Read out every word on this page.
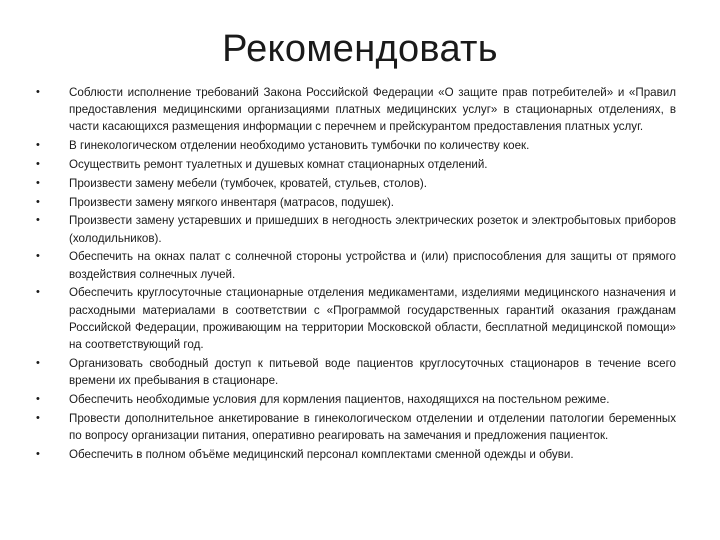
Рекомендовать
•	Соблюсти исполнение требований Закона Российской Федерации «О защите прав потребителей» и «Правил предоставления медицинскими организациями платных медицинских услуг» в стационарных отделениях, в части касающихся размещения информации с перечнем и прейскурантом предоставления платных услуг.
•	В гинекологическом отделении необходимо установить тумбочки по количеству коек.
•	Осуществить ремонт туалетных и душевых комнат стационарных отделений.
•	Произвести замену мебели (тумбочек, кроватей, стульев, столов).
•	Произвести замену мягкого инвентаря (матрасов, подушек).
•	Произвести замену устаревших и пришедших в негодность электрических розеток и электробытовых приборов (холодильников).
•	Обеспечить на окнах палат с солнечной стороны устройства и (или) приспособления для защиты от прямого воздействия солнечных лучей.
•	Обеспечить круглосуточные стационарные отделения медикаментами, изделиями медицинского назначения и расходными материалами в соответствии с «Программой государственных гарантий оказания гражданам Российской Федерации, проживающим на территории Московской области, бесплатной медицинской помощи» на соответствующий год.
•	Организовать свободный доступ к питьевой воде пациентов круглосуточных стационаров в течение всего времени их пребывания в стационаре.
•	Обеспечить необходимые условия для кормления пациентов, находящихся на постельном режиме.
•	Провести дополнительное анкетирование в гинекологическом отделении и отделении патологии беременных по вопросу организации питания, оперативно реагировать на замечания и предложения пациенток.
•	Обеспечить в полном объёме медицинский персонал комплектами сменной одежды и обуви.
